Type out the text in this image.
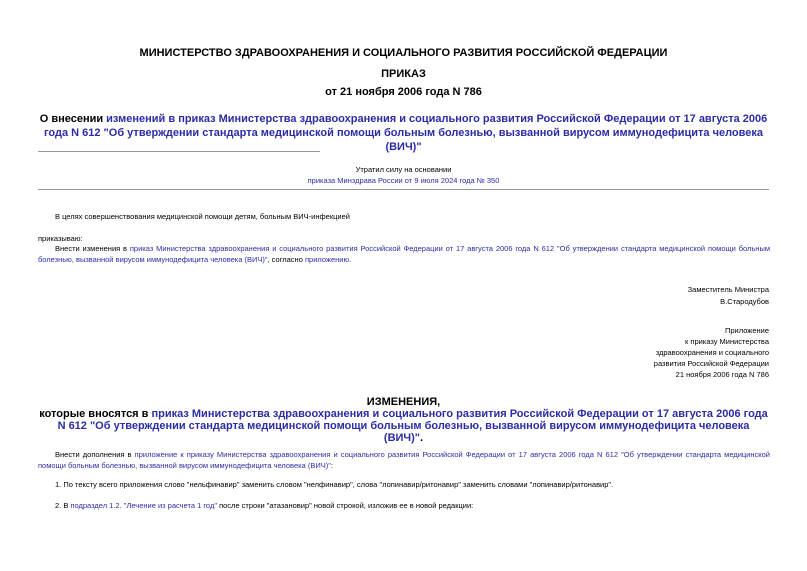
МИНИСТЕРСТВО ЗДРАВООХРАНЕНИЯ И СОЦИАЛЬНОГО РАЗВИТИЯ РОССИЙСКОЙ ФЕДЕРАЦИИ
ПРИКАЗ
от 21 ноября 2006 года N 786
О внесении изменений в приказ Министерства здравоохранения и социального развития Российской Федерации от 17 августа 2006 года N 612 "Об утверждении стандарта медицинской помощи больным болезнью, вызванной вирусом иммунодефицита человека (ВИЧ)"
Утратил силу на основании
приказа Минздрава России от 9 июля 2024 года № 350
В целях совершенствования медицинской помощи детям, больным ВИЧ-инфекцией
приказываю:
Внести изменения в приказ Министерства здравоохранения и социального развития Российской Федерации от 17 августа 2006 года N 612 "Об утверждении стандарта медицинской помощи больным болезнью, вызванной вирусом иммунодефицита человека (ВИЧ)", согласно приложению.
Заместитель Министра
В.Стародубов
Приложение
к приказу Министерства
здравоохранения и социального
развития Российской Федерации
21 ноября 2006 года N 786
ИЗМЕНЕНИЯ,
которые вносятся в приказ Министерства здравоохранения и социального развития Российской Федерации от 17 августа 2006 года N 612 "Об утверждении стандарта медицинской помощи больным болезнью, вызванной вирусом иммунодефицита человека (ВИЧ)".
Внести дополнения в приложение к приказу Министерства здравоохранения и социального развития Российской Федерации от 17 августа 2006 года N 612 "Об утверждении стандарта медицинской помощи больным болезнью, вызванной вирусом иммунодефицита человека (ВИЧ)":
1. По тексту всего приложения слово "нельфинавир" заменить словом "нелфинавир", слова "лопинавир/ритонавир" заменить словами "лопинавир/ритонавир".
2. В подраздел 1.2. "Лечение из расчета 1 год" после строки "атазановир" новой строкой, изложив ее в новой редакции:
